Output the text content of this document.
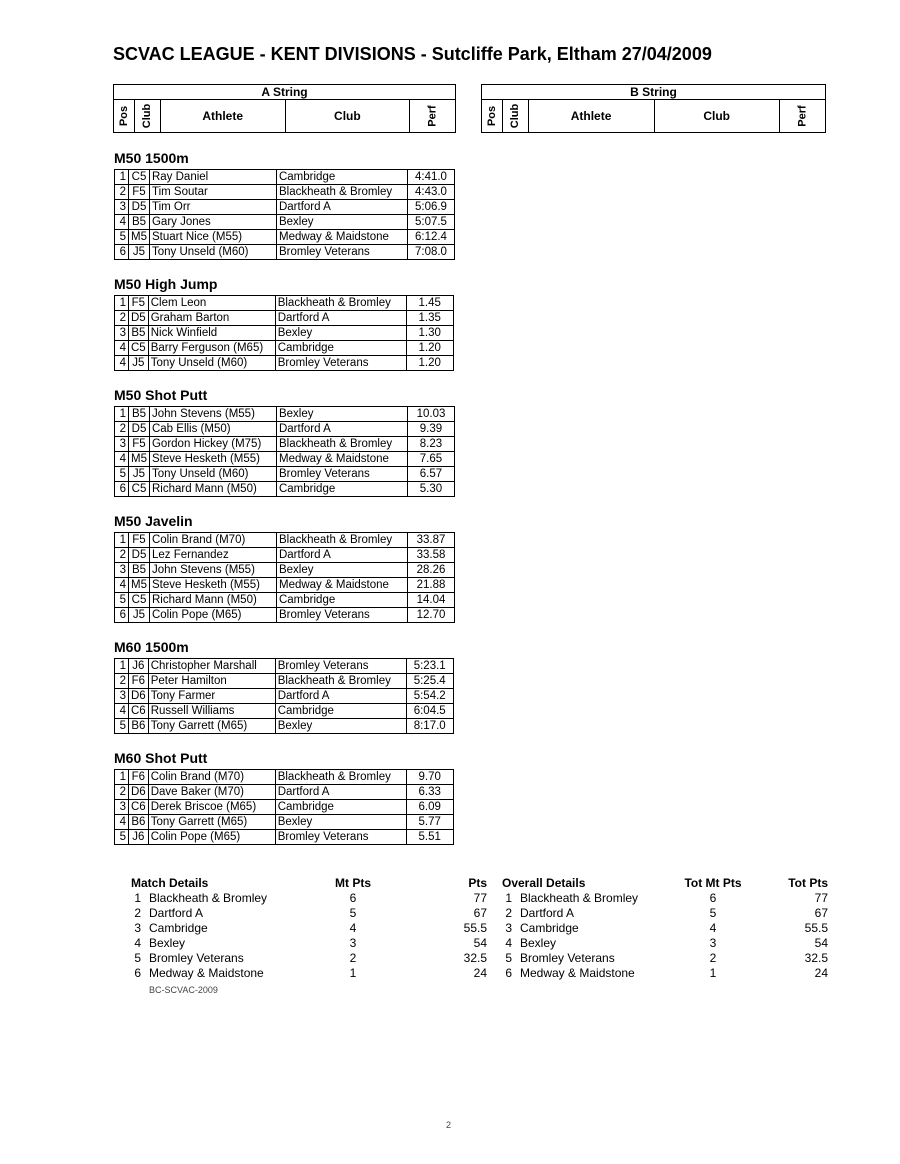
SCVAC LEAGUE - KENT DIVISIONS - Sutcliffe Park, Eltham 27/04/2009
A String

Pos	Club	Athlete	Club	Perf
B String

Pos	Club	Athlete	Club	Perf
M50 1500m
1	C5	Ray Daniel	Cambridge	4:41.0
2	F5	Tim Soutar	Blackheath & Bromley	4:43.0
3	D5	Tim Orr	Dartford A	5:06.9
4	B5	Gary Jones	Bexley	5:07.5
5	M5	Stuart Nice (M55)	Medway & Maidstone	6:12.4
6	J5	Tony Unseld (M60)	Bromley Veterans	7:08.0
M50 High Jump
1	F5	Clem Leon	Blackheath & Bromley	1.45
2	D5	Graham Barton	Dartford A	1.35
3	B5	Nick Winfield	Bexley	1.30
4	C5	Barry Ferguson (M65)	Cambridge	1.20
4	J5	Tony Unseld (M60)	Bromley Veterans	1.20
M50 Shot Putt
1	B5	John Stevens (M55)	Bexley	10.03
2	D5	Cab Ellis (M50)	Dartford A	9.39
3	F5	Gordon Hickey (M75)	Blackheath & Bromley	8.23
4	M5	Steve Hesketh (M55)	Medway & Maidstone	7.65
5	J5	Tony Unseld (M60)	Bromley Veterans	6.57
6	C5	Richard Mann (M50)	Cambridge	5.30
M50 Javelin
1	F5	Colin Brand (M70)	Blackheath & Bromley	33.87
2	D5	Lez Fernandez	Dartford A	33.58
3	B5	John Stevens (M55)	Bexley	28.26
4	M5	Steve Hesketh (M55)	Medway & Maidstone	21.88
5	C5	Richard Mann (M50)	Cambridge	14.04
6	J5	Colin Pope (M65)	Bromley Veterans	12.70
M60 1500m
1	J6	Christopher Marshall	Bromley Veterans	5:23.1
2	F6	Peter Hamilton	Blackheath & Bromley	5:25.4
3	D6	Tony Farmer	Dartford A	5:54.2
4	C6	Russell Williams	Cambridge	6:04.5
5	B6	Tony Garrett (M65)	Bexley	8:17.0
M60 Shot Putt
1	F6	Colin Brand (M70)	Blackheath & Bromley	9.70
2	D6	Dave Baker (M70)	Dartford A	6.33
3	C6	Derek Briscoe (M65)	Cambridge	6.09
4	B6	Tony Garrett (M65)	Bexley	5.77
5	J6	Colin Pope (M65)	Bromley Veterans	5.51
Match Details		Mt Pts	Pts
1	Blackheath & Bromley	6	77
2	Dartford A	5	67
3	Cambridge	4	55.5
4	Bexley	3	54
5	Bromley Veterans	2	32.5
6	Medway & Maidstone	1	24
Overall Details		Tot Mt Pts	Tot Pts
1	Blackheath & Bromley	6	77
2	Dartford A	5	67
3	Cambridge	4	55.5
4	Bexley	3	54
5	Bromley Veterans	2	32.5
6	Medway & Maidstone	1	24
BC-SCVAC-2009
2
